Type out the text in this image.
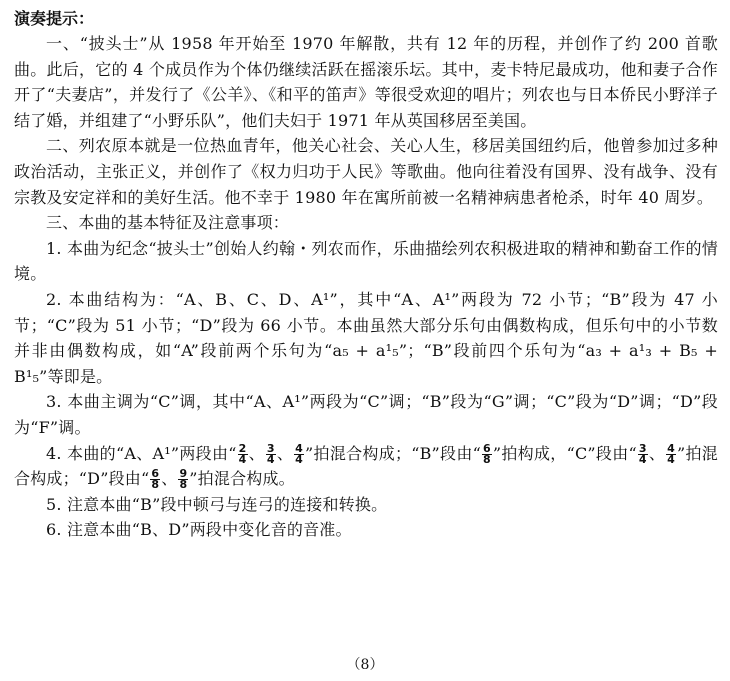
演奏提示：

一、“披头士”从 1958 年开始至 1970 年解散，共有 12 年的历程，并创作了约 200 首歌曲。此后，它的 4 个成员作为个体仍继续活跃在摇滚乐坛。其中，麦卡特尼最成功，他和妻子合作开了“夫妻店”，并发行了《公羊》、《和平的笛声》等很受欢迎的唱片；列农也与日本侨民小野洋子结了婚，并组建了“小野乐队”，他们夫妇于 1971 年从英国移居至美国。

二、列农原本就是一位热血青年，他关心社会、关心人生，移居美国纽约后，他曾参加过多种政治活动，主张正义，并创作了《权力归功于人民》等歌曲。他向往着没有国界、没有战争、没有宗教及安定祥和的美好生活。他不幸于 1980 年在寓所前被一名精神病患者枪杀，时年 40 周岁。

三、本曲的基本特征及注意事项：

1. 本曲为纪念“披头士”创始人约翰・列农而作，乐曲描绘列农积极进取的精神和勤奋工作的情境。

2. 本曲结构为：“A、B、C、D、A¹”，其中“A、A¹”两段为 72 小节；“B”段为 47 小节；“C”段为 51 小节；“D”段为 66 小节。本曲虽然大部分乐句由偶数构成，但乐句中的小节数并非由偶数构成，如“A”段前两个乐句为“a₅ + a¹₅”；“B”段前四个乐句为“a₃ + a¹₃ + B₅ + B¹₅”等即是。

3. 本曲主调为“C”调，其中“A、A¹”两段为“C”调；“B”段为“G”调；“C”段为“D”调；“D”段为“F”调。

4. 本曲的“A、A¹”两段由“ $\frac{2}{4}$ 、 $\frac{3}{4}$ 、 $\frac{4}{4}$ ”拍混合构成；“B”段由“ $\frac{6}{8}$ ”拍构成，“C”段由“ $\frac{3}{4}$ 、 $\frac{4}{4}$ ”拍混合构成；“D”段由“ $\frac{6}{8}$ 、 $\frac{9}{8}$ ”拍混合构成。

5. 注意本曲“B”段中顿弓与连弓的连接和转换。

6. 注意本曲“B、D”两段中变化音的音准。

（8）
